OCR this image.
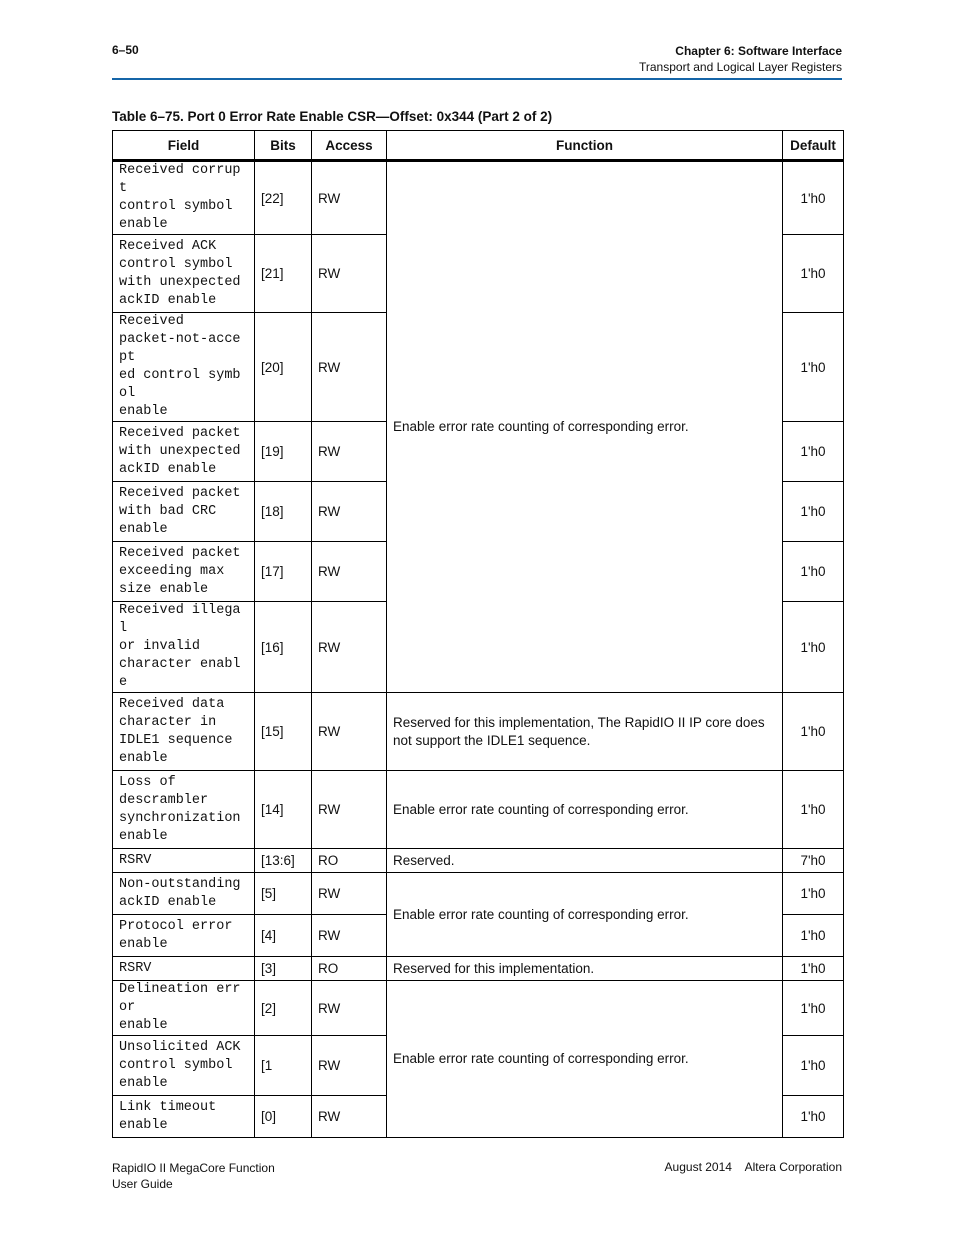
6–50	Chapter 6: Software Interface
Transport and Logical Layer Registers
Table 6–75. Port 0 Error Rate Enable CSR—Offset: 0x344 (Part 2 of 2)
Field	Bits	Access	Function	Default
Received corrupt
control symbol
enable	[22]	RW	Enable error rate counting of corresponding error.	1'h0
Received ACK
control symbol
with unexpected
ackID enable	[21]	RW		1'h0
Received
packet-not-accept
ed control symbol
enable	[20]	RW		1'h0
Received packet
with unexpected
ackID enable	[19]	RW		1'h0
Received packet
with bad CRC
enable	[18]	RW		1'h0
Received packet
exceeding max
size enable	[17]	RW		1'h0
Received illegal
or invalid
character enable	[16]	RW		1'h0
Received data
character in
IDLE1 sequence
enable	[15]	RW	Reserved for this implementation, The RapidIO II IP core does not support the IDLE1 sequence.	1'h0
Loss of
descrambler
synchronization
enable	[14]	RW	Enable error rate counting of corresponding error.	1'h0
RSRV	[13:6]	RO	Reserved.	7'h0
Non-outstanding
ackID enable	[5]	RW	Enable error rate counting of corresponding error.	1'h0
Protocol error
enable	[4]	RW		1'h0
RSRV	[3]	RO	Reserved for this implementation.	1'h0
Delineation error
enable	[2]	RW	Enable error rate counting of corresponding error.	1'h0
Unsolicited ACK
control symbol
enable	[1	RW		1'h0
Link timeout
enable	[0]	RW		1'h0
RapidIO II MegaCore Function
User Guide
August 2014    Altera Corporation
